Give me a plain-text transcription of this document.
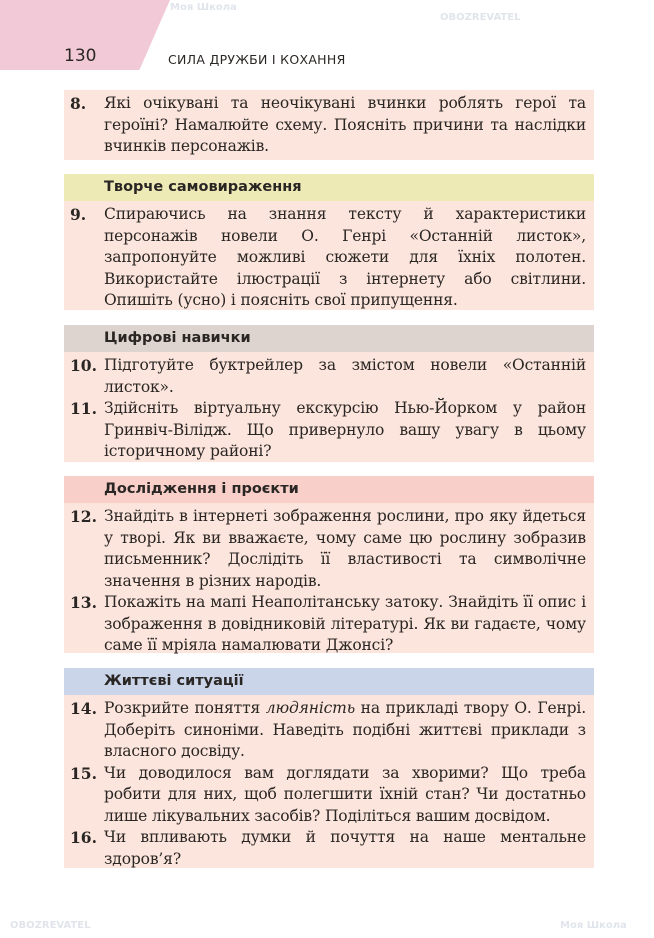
130	СИЛА ДРУЖБИ І КОХАННЯ
8. Які очікувані та неочікувані вчинки роблять герої та героїні? Намалюйте схему. Поясніть причини та наслідки вчинків персонажів.
Творче самовираження
9. Спираючись на знання тексту й характеристики персонажів новели О. Генрі «Останній листок», запропонуйте можливі сюжети для їхніх полотен. Використайте ілюстрації з інтернету або світлини. Опишіть (усно) і поясніть свої припущення.
Цифрові навички
10. Підготуйте буктрейлер за змістом новели «Останній листок».
11. Здійсніть віртуальну екскурсію Нью-Йорком у район Гринвіч-Вілідж. Що привернуло вашу увагу в цьому історичному районі?
Дослідження і проєкти
12. Знайдіть в інтернеті зображення рослини, про яку йдеться у творі. Як ви вважаєте, чому саме цю рослину зобразив письменник? Дослідіть її властивості та символічне значення в різних народів.
13. Покажіть на мапі Неаполітанську затоку. Знайдіть її опис і зображення в довідниковій літературі. Як ви гадаєте, чому саме її мріяла намалювати Джонсі?
Життєві ситуації
14. Розкрийте поняття людяність на прикладі твору О. Генрі. Доберіть синоніми. Наведіть подібні життєві приклади з власного досвіду.
15. Чи доводилося вам доглядати за хворими? Що треба робити для них, щоб полегшити їхній стан? Чи достатньо лише лікувальних засобів? Поділіться вашим досвідом.
16. Чи впливають думки й почуття на наше ментальне здоров’я?
Моя Школа
OBOZREVATEL
OBOZREVATEL	Моя Школа
